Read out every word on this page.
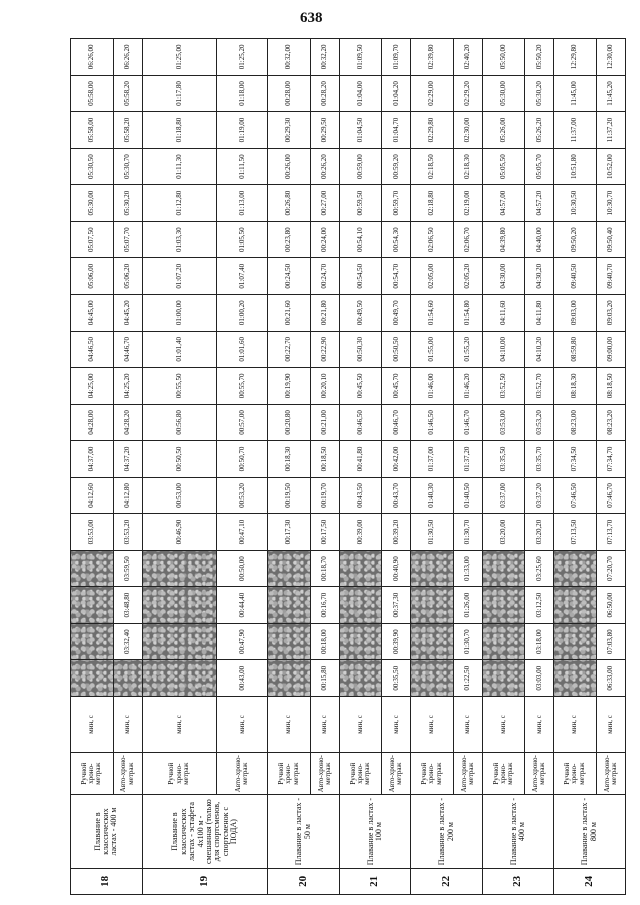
638
18	Плавание в классических ластах - 400 м	Ручной хроно-метраж	мин, с					03:53,00	04:12,60	04:37,00	04:28,00	04:25,00	04:46,50	04:45,00	05:06,00	05:07,50	05:30,00	05:30,50	05:58,00	05:58,00	06:26,00
		Авто-хроно-метраж	мин, с		03:32,40	03:48,80	03:59,50	03:53,20	04:12,80	04:37,20	04:28,20	04:25,20	04:46,70	04:45,20	05:06,20	05:07,70	05:30,20	05:30,70	05:58,20	05:58,20	06:26,20
19	Плавание в классических ластах - эстафета 4х100 м - смешанная (только для спортсменов, спортсменок с ПОДА)	Ручной хроно-метраж	мин, с					00:46,90	00:53,00	00:50,50	00:56,80	00:55,50	01:01,40	01:00,00	01:07,20	01:03,30	01:12,80	01:11,30	01:18,80	01:17,80	01:25,00
		Авто-хроно-метраж	мин, с	00:43,00	00:47,90	00:44,40	00:50,00	00:47,10	00:53,20	00:50,70	00:57,00	00:55,70	01:01,60	01:00,20	01:07,40	01:05,50	01:13,00	01:11,50	01:19,00	01:18,00	01:25,20
20	Плавание в ластах - 50 м	Ручной хроно-метраж	мин, с					00:17,30	00:19,50	00:18,30	00:20,80	00:19,90	00:22,70	00:21,60	00:24,50	00:23,80	00:26,80	00:26,00	00:29,30	00:28,00	00:32,00
		Авто-хроно-метраж	мин, с	00:15,80	00:18,00	00:16,70	00:18,70	00:17,50	00:19,70	00:18,50	00:21,00	00:20,10	00:22,90	00:21,80	00:24,70	00:24,00	00:27,00	00:26,20	00:29,50	00:28,20	00:32,20
21	Плавание в ластах - 100 м	Ручной хроно-метраж	мин, с					00:39,00	00:43,50	00:41,80	00:46,50	00:45,50	00:50,30	00:49,50	00:54,50	00:54,10	00:59,50	00:59,00	01:04,50	01:04,00	01:09,50
		Авто-хроно-метраж	мин, с	00:35,50	00:39,90	00:37,30	00:40,90	00:39,20	00:43,70	00:42,00	00:46,70	00:45,70	00:50,50	00:49,70	00:54,70	00:54,30	00:59,70	00:59,20	01:04,70	01:04,20	01:09,70
22	Плавание в ластах - 200 м	Ручной хроно-метраж	мин, с					01:30,50	01:40,30	01:37,00	01:46,50	01:46,00	01:55,00	01:54,60	02:05,00	02:06,50	02:18,80	02:18,50	02:29,80	02:29,00	02:39,80
		Авто-хроно-метраж	мин, с	01:22,50	01:30,70	01:26,00	01:33,00	01:30,70	01:40,50	01:37,20	01:46,70	01:46,20	01:55,20	01:54,80	02:05,20	02:06,70	02:19,00	02:18,30	02:30,00	02:29,20	02:40,20
23	Плавание в ластах - 400 м	Ручной хроно-метраж	мин, с					03:20,00	03:37,00	03:35,50	03:53,00	03:52,50	04:10,00	04:11,60	04:30,00	04:39,80	04:57,00	05:05,50	05:26,00	05:30,00	05:50,00
		Авто-хроно-метраж	мин, с	03:03,00	03:18,00	03:12,50	03:25,60	03:20,20	03:37,20	03:35,70	03:53,20	03:52,70	04:10,20	04:11,80	04:30,20	04:40,00	04:57,20	05:05,70	05:26,20	05:30,20	05:50,20
24	Плавание в ластах - 800 м	Ручной хроно-метраж	мин, с					07:13,50	07:46,50	07:34,50	08:23,00	08:18,30	08:59,80	09:03,00	09:40,50	09:50,20	10:30,50	10:51,80	11:37,00	11:45,00	12:29,80
		Авто-хроно-метраж	мин, с	06:33,00	07:03,80	06:50,00	07:20,70	07:13,70	07:46,70	07:34,70	08:23,20	08:18,50	09:00,00	09:03,20	09:40,70	09:50,40	10:30,70	10:52,00	11:37,20	11:45,20	12:30,00
